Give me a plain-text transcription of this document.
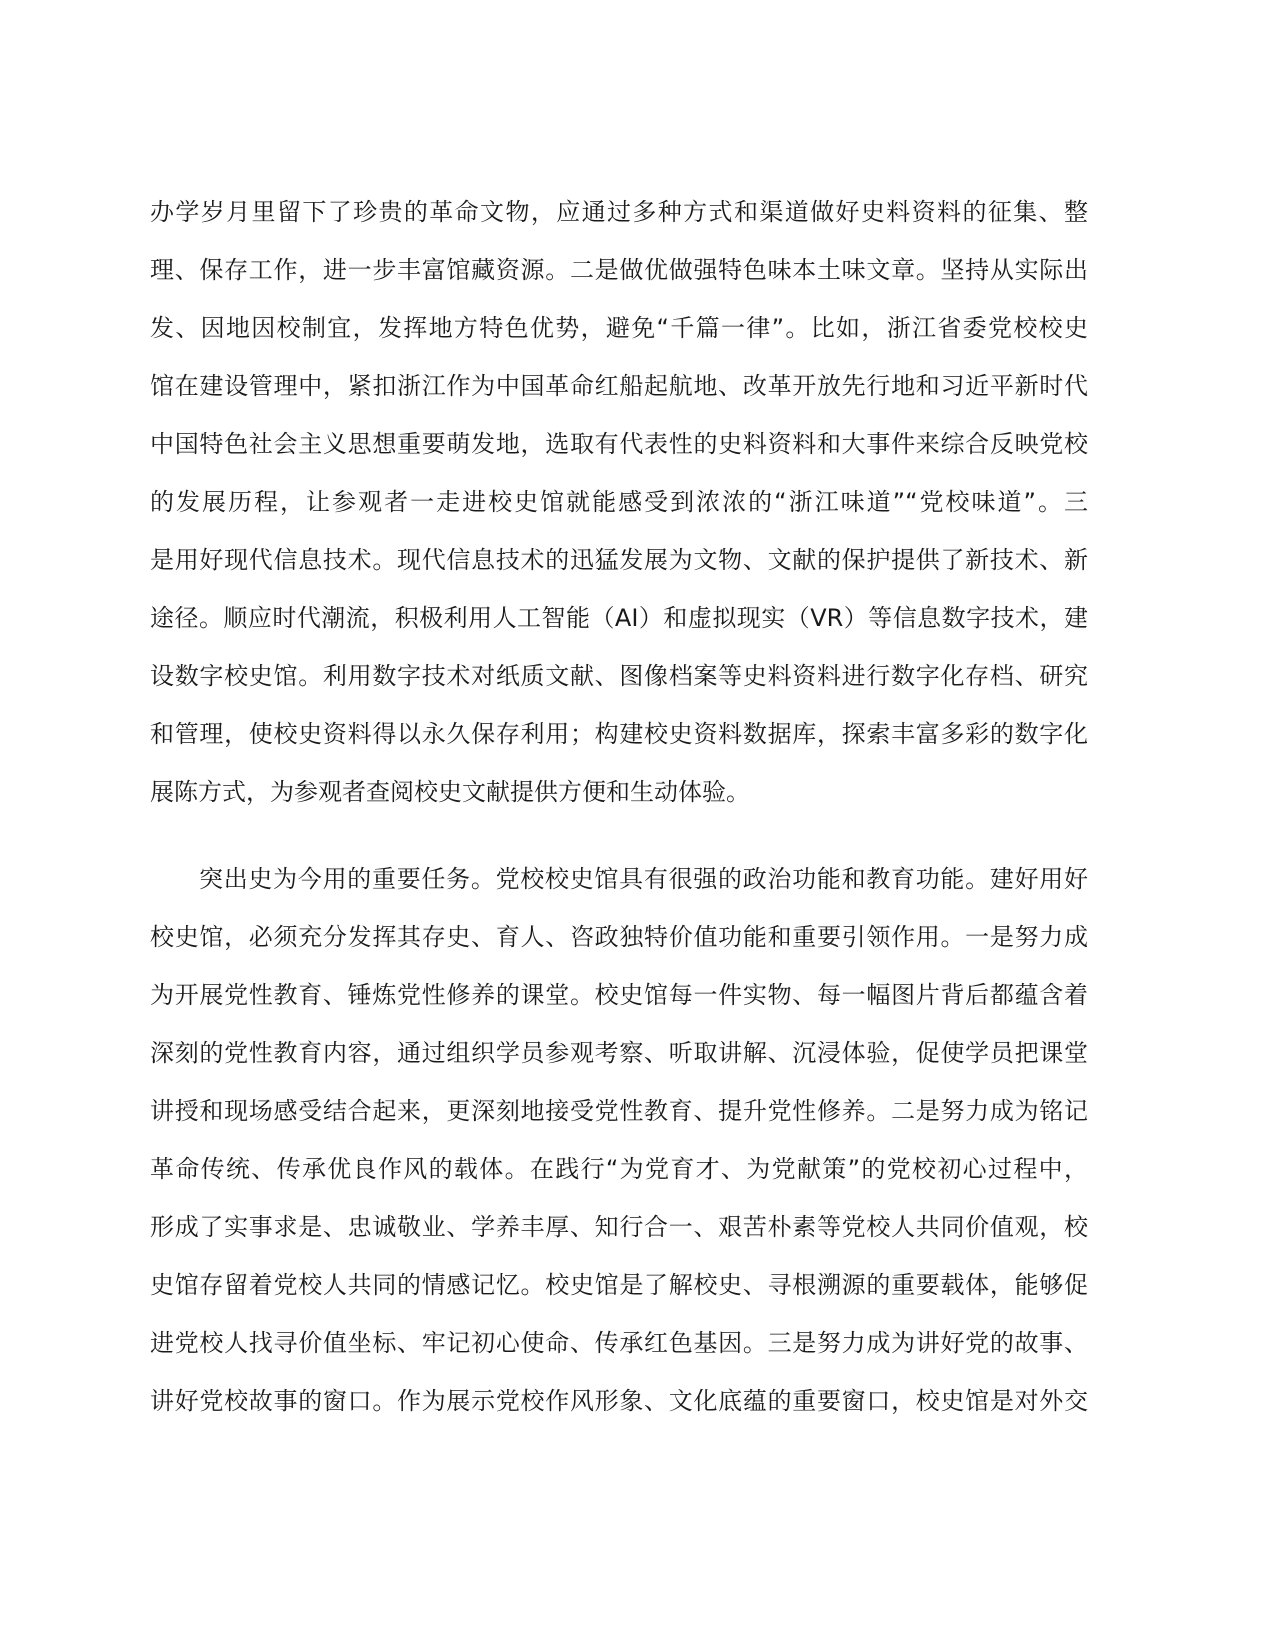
办学岁月里留下了珍贵的革命文物，应通过多种方式和渠道做好史料资料的征集、整
理、保存工作，进一步丰富馆藏资源。二是做优做强特色味本土味文章。坚持从实际出
发、因地因校制宜，发挥地方特色优势，避免“千篇一律”。比如，浙江省委党校校史
馆在建设管理中，紧扣浙江作为中国革命红船起航地、改革开放先行地和习近平新时代
中国特色社会主义思想重要萌发地，选取有代表性的史料资料和大事件来综合反映党校
的发展历程，让参观者一走进校史馆就能感受到浓浓的“浙江味道”“党校味道”。三
是用好现代信息技术。现代信息技术的迅猛发展为文物、文献的保护提供了新技术、新
途径。顺应时代潮流，积极利用人工智能（AI）和虚拟现实（VR）等信息数字技术，建
设数字校史馆。利用数字技术对纸质文献、图像档案等史料资料进行数字化存档、研究
和管理，使校史资料得以永久保存利用；构建校史资料数据库，探索丰富多彩的数字化
展陈方式，为参观者查阅校史文献提供方便和生动体验。
突出史为今用的重要任务。党校校史馆具有很强的政治功能和教育功能。建好用好
校史馆，必须充分发挥其存史、育人、咨政独特价值功能和重要引领作用。一是努力成
为开展党性教育、锤炼党性修养的课堂。校史馆每一件实物、每一幅图片背后都蕴含着
深刻的党性教育内容，通过组织学员参观考察、听取讲解、沉浸体验，促使学员把课堂
讲授和现场感受结合起来，更深刻地接受党性教育、提升党性修养。二是努力成为铭记
革命传统、传承优良作风的载体。在践行“为党育才、为党献策”的党校初心过程中，
形成了实事求是、忠诚敬业、学养丰厚、知行合一、艰苦朴素等党校人共同价值观，校
史馆存留着党校人共同的情感记忆。校史馆是了解校史、寻根溯源的重要载体，能够促
进党校人找寻价值坐标、牢记初心使命、传承红色基因。三是努力成为讲好党的故事、
讲好党校故事的窗口。作为展示党校作风形象、文化底蕴的重要窗口，校史馆是对外交
